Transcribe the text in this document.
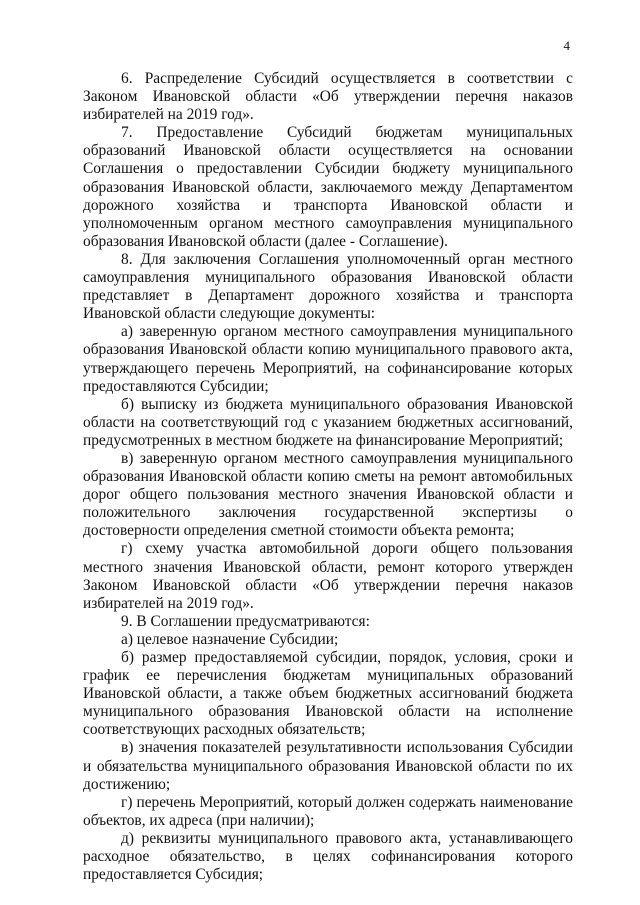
4

6. Распределение Субсидий осуществляется в соответствии с Законом Ивановской области «Об утверждении перечня наказов избирателей на 2019 год».

7. Предоставление Субсидий бюджетам муниципальных образований Ивановской области осуществляется на основании Соглашения о предоставлении Субсидии бюджету муниципального образования Ивановской области, заключаемого между Департаментом дорожного хозяйства и транспорта Ивановской области и уполномоченным органом местного самоуправления муниципального образования Ивановской области (далее - Соглашение).

8. Для заключения Соглашения уполномоченный орган местного самоуправления муниципального образования Ивановской области представляет в Департамент дорожного хозяйства и транспорта Ивановской области следующие документы:

а) заверенную органом местного самоуправления муниципального образования Ивановской области копию муниципального правового акта, утверждающего перечень Мероприятий, на софинансирование которых предоставляются Субсидии;

б) выписку из бюджета муниципального образования Ивановской области на соответствующий год с указанием бюджетных ассигнований, предусмотренных в местном бюджете на финансирование Мероприятий;

в) заверенную органом местного самоуправления муниципального образования Ивановской области копию сметы на ремонт автомобильных дорог общего пользования местного значения Ивановской области и положительного заключения государственной экспертизы о достоверности определения сметной стоимости объекта ремонта;

г) схему участка автомобильной дороги общего пользования местного значения Ивановской области, ремонт которого утвержден Законом Ивановской области «Об утверждении перечня наказов избирателей на 2019 год».

9. В Соглашении предусматриваются:

а) целевое назначение Субсидии;

б) размер предоставляемой субсидии, порядок, условия, сроки и график ее перечисления бюджетам муниципальных образований Ивановской области, а также объем бюджетных ассигнований бюджета муниципального образования Ивановской области на исполнение соответствующих расходных обязательств;

в) значения показателей результативности использования Субсидии и обязательства муниципального образования Ивановской области по их достижению;

г) перечень Мероприятий, который должен содержать наименование объектов, их адреса (при наличии);

д) реквизиты муниципального правового акта, устанавливающего расходное обязательство, в целях софинансирования которого предоставляется Субсидия;
